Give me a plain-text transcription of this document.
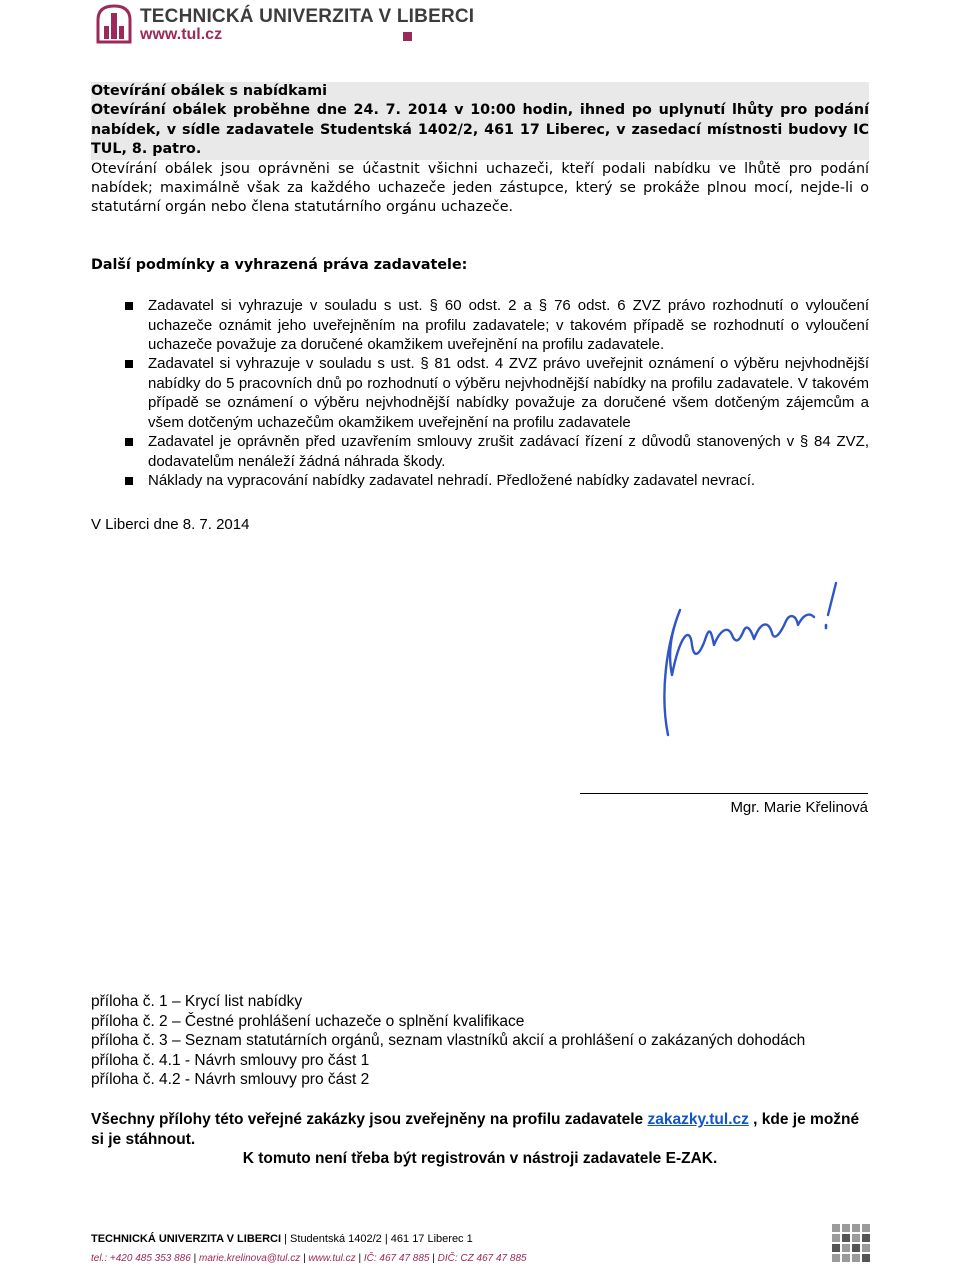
TECHNICKÁ UNIVERZITA V LIBERCI
www.tul.cz
Otevírání obálek s nabídkami
Otevírání obálek proběhne dne 24. 7. 2014 v 10:00 hodin, ihned po uplynutí lhůty pro podání nabídek, v sídle zadavatele Studentská 1402/2, 461 17 Liberec, v zasedací místnosti budovy IC TUL, 8. patro.
Otevírání obálek jsou oprávněni se účastnit všichni uchazeči, kteří podali nabídku ve lhůtě pro podání nabídek; maximálně však za každého uchazeče jeden zástupce, který se prokáže plnou mocí, nejde-li o statutární orgán nebo člena statutárního orgánu uchazeče.
Další podmínky a vyhrazená práva zadavatele:
Zadavatel si vyhrazuje v souladu s ust. § 60 odst. 2 a § 76 odst. 6 ZVZ právo rozhodnutí o vyloučení uchazeče oznámit jeho uveřejněním na profilu zadavatele; v takovém případě se rozhodnutí o vyloučení uchazeče považuje za doručené okamžikem uveřejnění na profilu zadavatele.
Zadavatel si vyhrazuje v souladu s ust. § 81 odst. 4 ZVZ právo uveřejnit oznámení o výběru nejvhodnější nabídky do 5 pracovních dnů po rozhodnutí o výběru nejvhodnější nabídky na profilu zadavatele. V takovém případě se oznámení o výběru nejvhodnější nabídky považuje za doručené všem dotčeným zájemcům a všem dotčeným uchazečům okamžikem uveřejnění na profilu zadavatele
Zadavatel je oprávněn před uzavřením smlouvy zrušit zadávací řízení z důvodů stanovených v § 84 ZVZ, dodavatelům nenáleží žádná náhrada škody.
Náklady na vypracování nabídky zadavatel nehradí. Předložené nabídky zadavatel nevrací.
V Liberci dne 8. 7. 2014
Mgr. Marie Křelinová
příloha č. 1 – Krycí list nabídky
příloha č. 2 – Čestné prohlášení uchazeče o splnění kvalifikace
příloha č. 3 – Seznam statutárních orgánů, seznam vlastníků akcií a prohlášení o zakázaných dohodách
příloha č. 4.1 - Návrh smlouvy pro část 1
příloha č. 4.2 - Návrh smlouvy pro část 2
Všechny přílohy této veřejné zakázky jsou zveřejněny na profilu zadavatele zakazky.tul.cz , kde je možné si je stáhnout.
K tomuto není třeba být registrován v nástroji zadavatele E-ZAK.
TECHNICKÁ UNIVERZITA V LIBERCI | Studentská 1402/2 | 461 17 Liberec 1
tel.: +420 485 353 886 | marie.krelinova@tul.cz | www.tul.cz | IČ: 467 47 885 | DIČ: CZ 467 47 885
